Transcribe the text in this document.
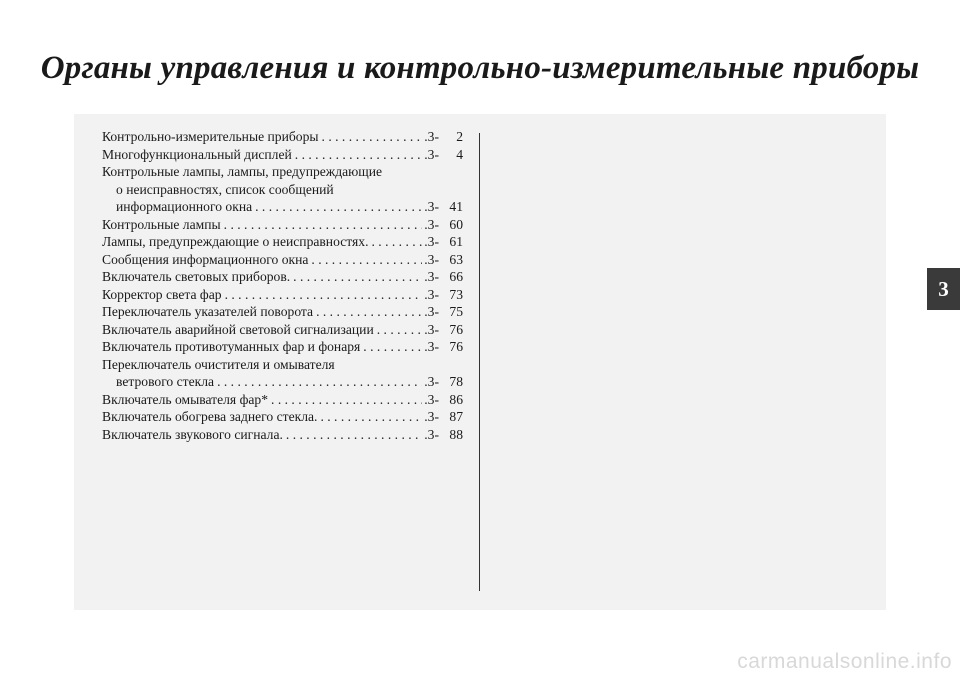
Органы управления и контрольно-измерительные приборы
Контрольно-измерительные приборы . . .	.3-	2
Многофункциональный дисплей . . .	.3-	4
Контрольные лампы, лампы, предупреждающие
о неисправностях, список сообщений
информационного окна . . .	.3- 41
Контрольные лампы . . .	.3- 60
Лампы, предупреждающие о неисправностях. . . .	.3- 61
Сообщения информационного окна . . .	.3- 63
Включатель световых приборов. . . .	.3- 66
Корректор света фар . . .	.3- 73
Переключатель указателей поворота . . .	.3- 75
Включатель аварийной световой сигнализации . . .	.3- 76
Включатель противотуманных фар и фонаря . . .	.3- 76
Переключатель очистителя и омывателя
ветрового стекла . . .	.3- 78
Включатель омывателя фар* . . .	.3- 86
Включатель обогрева заднего стекла. . . .	.3- 87
Включатель звукового сигнала. . . .	.3- 88
3
carmanualsonline.info
